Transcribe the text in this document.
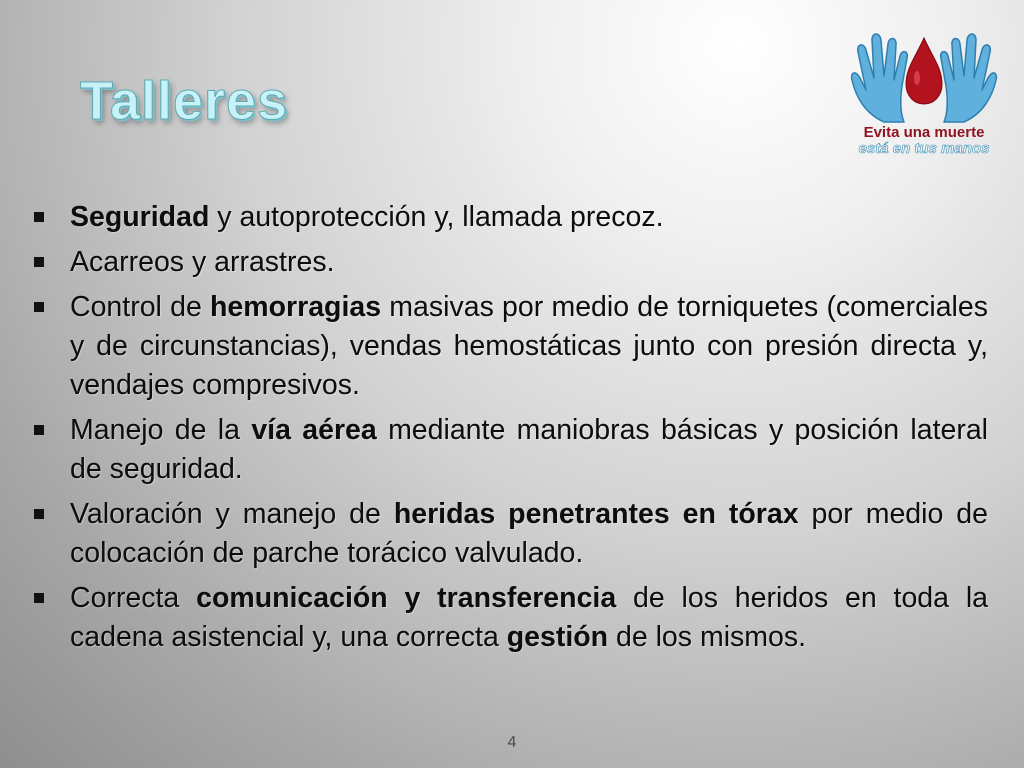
Talleres
Evita una muerte
está en tus manos
Seguridad y autoprotección y, llamada precoz.
Acarreos y arrastres.
Control de hemorragias masivas por medio de torniquetes (comerciales y de circunstancias), vendas hemostáticas junto con presión directa y, vendajes compresivos.
Manejo de la vía aérea mediante maniobras básicas y posición lateral de seguridad.
Valoración y manejo de heridas penetrantes en tórax por medio de colocación de parche torácico valvulado.
Correcta comunicación y transferencia de los heridos en toda la cadena asistencial y, una correcta gestión de los mismos.
4
